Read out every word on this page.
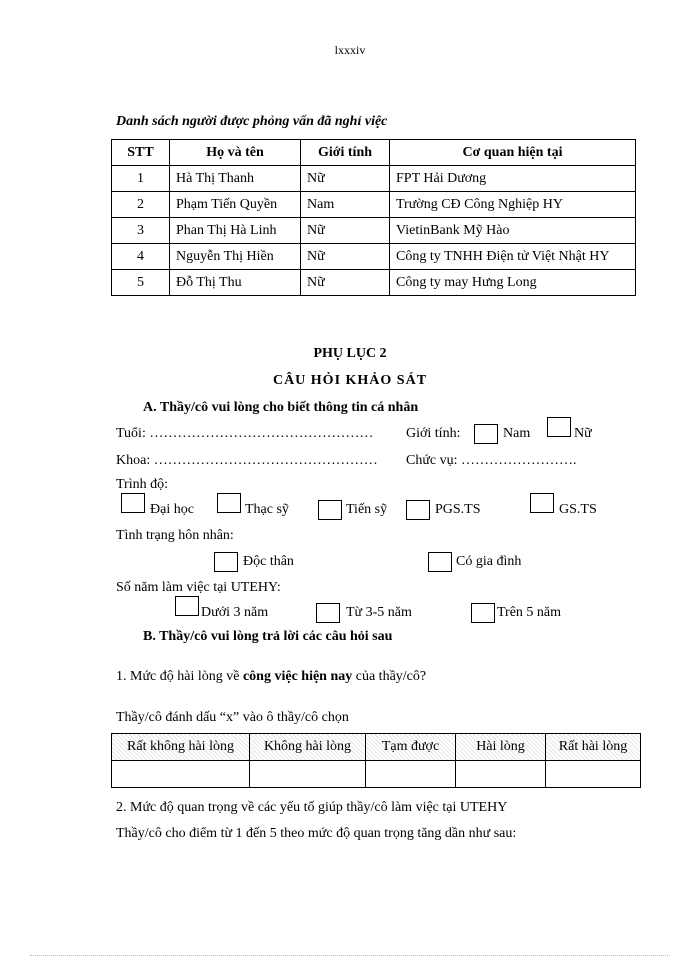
lxxxiv
Danh sách người được phỏng vấn đã nghỉ việc
STT	Họ và tên	Giới tính	Cơ quan hiện tại
1	Hà Thị Thanh	Nữ	FPT Hải Dương
2	Phạm Tiến Quyền	Nam	Trường CĐ Công Nghiệp HY
3	Phan Thị Hà Linh	Nữ	VietinBank Mỹ Hào
4	Nguyễn Thị Hiền	Nữ	Công ty TNHH Điện tử Việt Nhật HY
5	Đỗ Thị Thu	Nữ	Công ty may Hưng Long
PHỤ LỤC 2
CÂU HỎI KHẢO SÁT
A. Thầy/cô vui lòng cho biết thông tin cá nhân
Tuổi: ………………………………………… Giới tính:	Nam	Nữ
Khoa: ………………………………………… Chức vụ: …………………….
Trình độ:
Đại học	Thạc sỹ	Tiến sỹ	PGS.TS	GS.TS
Tình trạng hôn nhân:
Độc thân	Có gia đình
Số năm làm việc tại UTEHY:
Dưới 3 năm	Từ 3-5 năm	Trên 5 năm
B. Thầy/cô vui lòng trả lời các câu hỏi sau
1. Mức độ hài lòng về công việc hiện nay của thầy/cô?
Thầy/cô đánh dấu “x” vào ô thầy/cô chọn
Rất không hài lòng	Không hài lòng	Tạm được	Hài lòng	Rất hài lòng

2. Mức độ quan trọng về các yếu tố giúp thầy/cô làm việc tại UTEHY
Thầy/cô cho điểm từ 1 đến 5 theo mức độ quan trọng tăng dần như sau:
